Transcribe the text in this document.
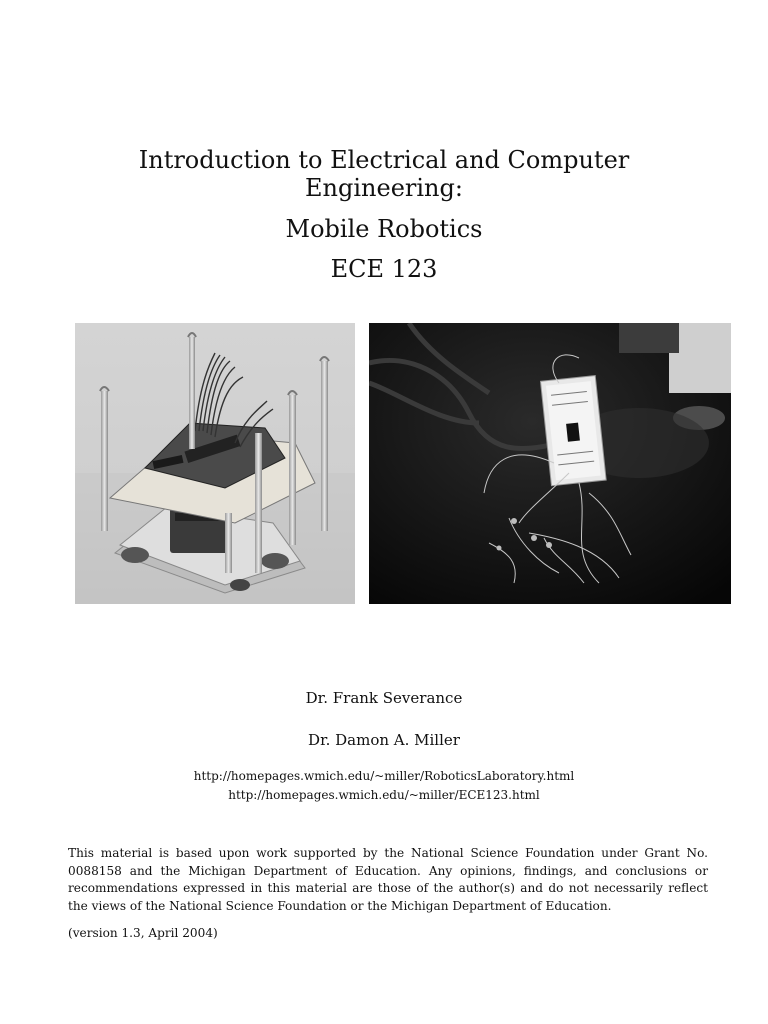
Introduction to Electrical and Computer
Engineering:
Mobile Robotics
ECE 123
Dr. Frank Severance
Dr. Damon A. Miller
http://homepages.wmich.edu/~miller/RoboticsLaboratory.html
http://homepages.wmich.edu/~miller/ECE123.html
This material is based upon work supported by the National Science Foundation under Grant No. 0088158 and the Michigan Department of Education. Any opinions, findings, and conclusions or recommendations expressed in this material are those of the author(s) and do not necessarily reflect the views of the National Science Foundation or the Michigan Department of Education.
(version 1.3, April 2004)
